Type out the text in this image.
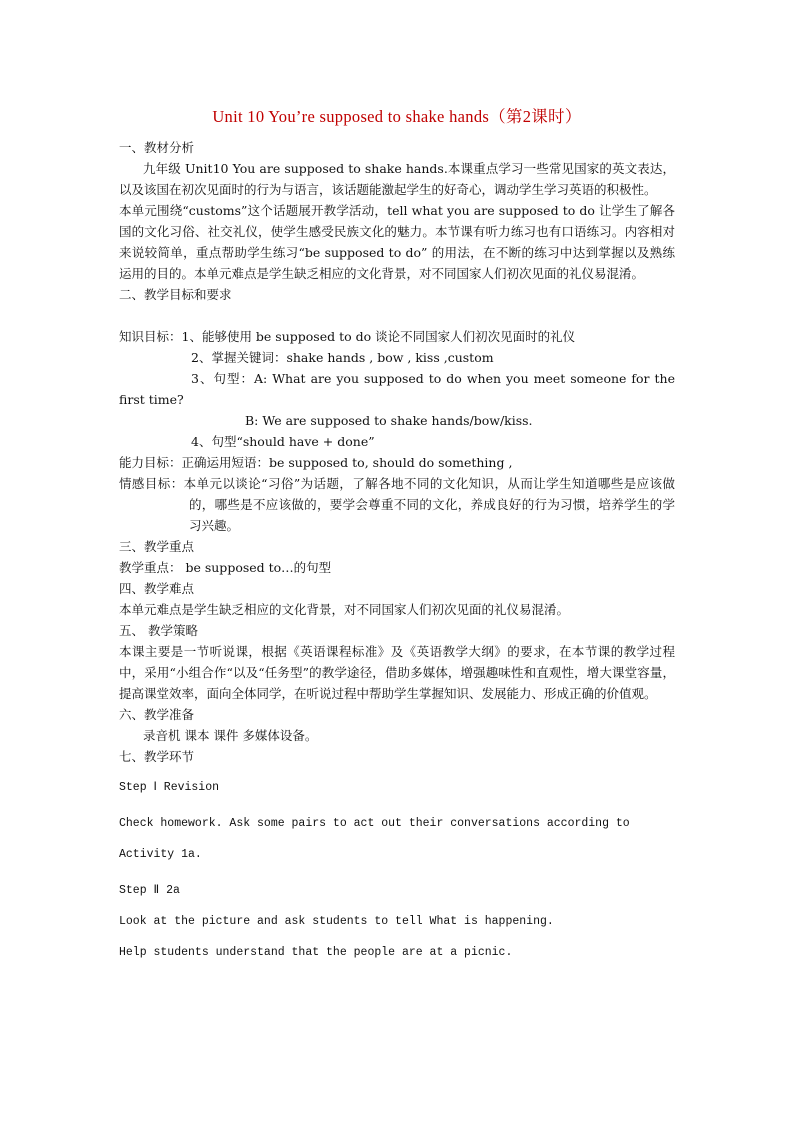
Unit 10 You’re supposed to shake hands（第2课时）

一、教材分析

九年级 Unit10 You are supposed to shake hands.本课重点学习一些常见国家的英文表达，以及该国在初次见面时的行为与语言，该话题能激起学生的好奇心，调动学生学习英语的积极性。

本单元围绕“customs”这个话题展开教学活动，tell what you are supposed to do 让学生了解各国的文化习俗、社交礼仪，使学生感受民族文化的魅力。本节课有听力练习也有口语练习。内容相对来说较简单，重点帮助学生练习“be supposed to do” 的用法，在不断的练习中达到掌握以及熟练运用的目的。本单元难点是学生缺乏相应的文化背景，对不同国家人们初次见面的礼仪易混淆。

二、教学目标和要求

知识目标：1、能够使用 be supposed to do 谈论不同国家人们初次见面时的礼仪

2、掌握关键词：shake hands , bow , kiss ,custom

3、句型：A: What are you supposed to do when you meet someone for the first time?

B: We are supposed to shake hands/bow/kiss.

4、句型“should have + done”

能力目标：正确运用短语：be supposed to, should do something ,

情感目标：本单元以谈论“习俗”为话题，了解各地不同的文化知识，从而让学生知道哪些是应该做的，哪些是不应该做的，要学会尊重不同的文化，养成良好的行为习惯，培养学生的学习兴趣。

三、教学重点

教学重点： be supposed to…的句型

四、教学难点

本单元难点是学生缺乏相应的文化背景，对不同国家人们初次见面的礼仪易混淆。

五、 教学策略

本课主要是一节听说课，根据《英语课程标准》及《英语教学大纲》的要求，在本节课的教学过程中，采用“小组合作“以及“任务型”的教学途径，借助多媒体，增强趣味性和直观性，增大课堂容量，提高课堂效率，面向全体同学，在听说过程中帮助学生掌握知识、发展能力、形成正确的价值观。

六、教学准备

录音机 课本 课件 多媒体设备。

七、教学环节

Step Ⅰ Revision

Check homework. Ask some pairs to act out their conversations according to Activity 1a.

Step Ⅱ 2a

Look at the picture and ask students to tell What is happening.

Help students understand that the people are at a picnic.
